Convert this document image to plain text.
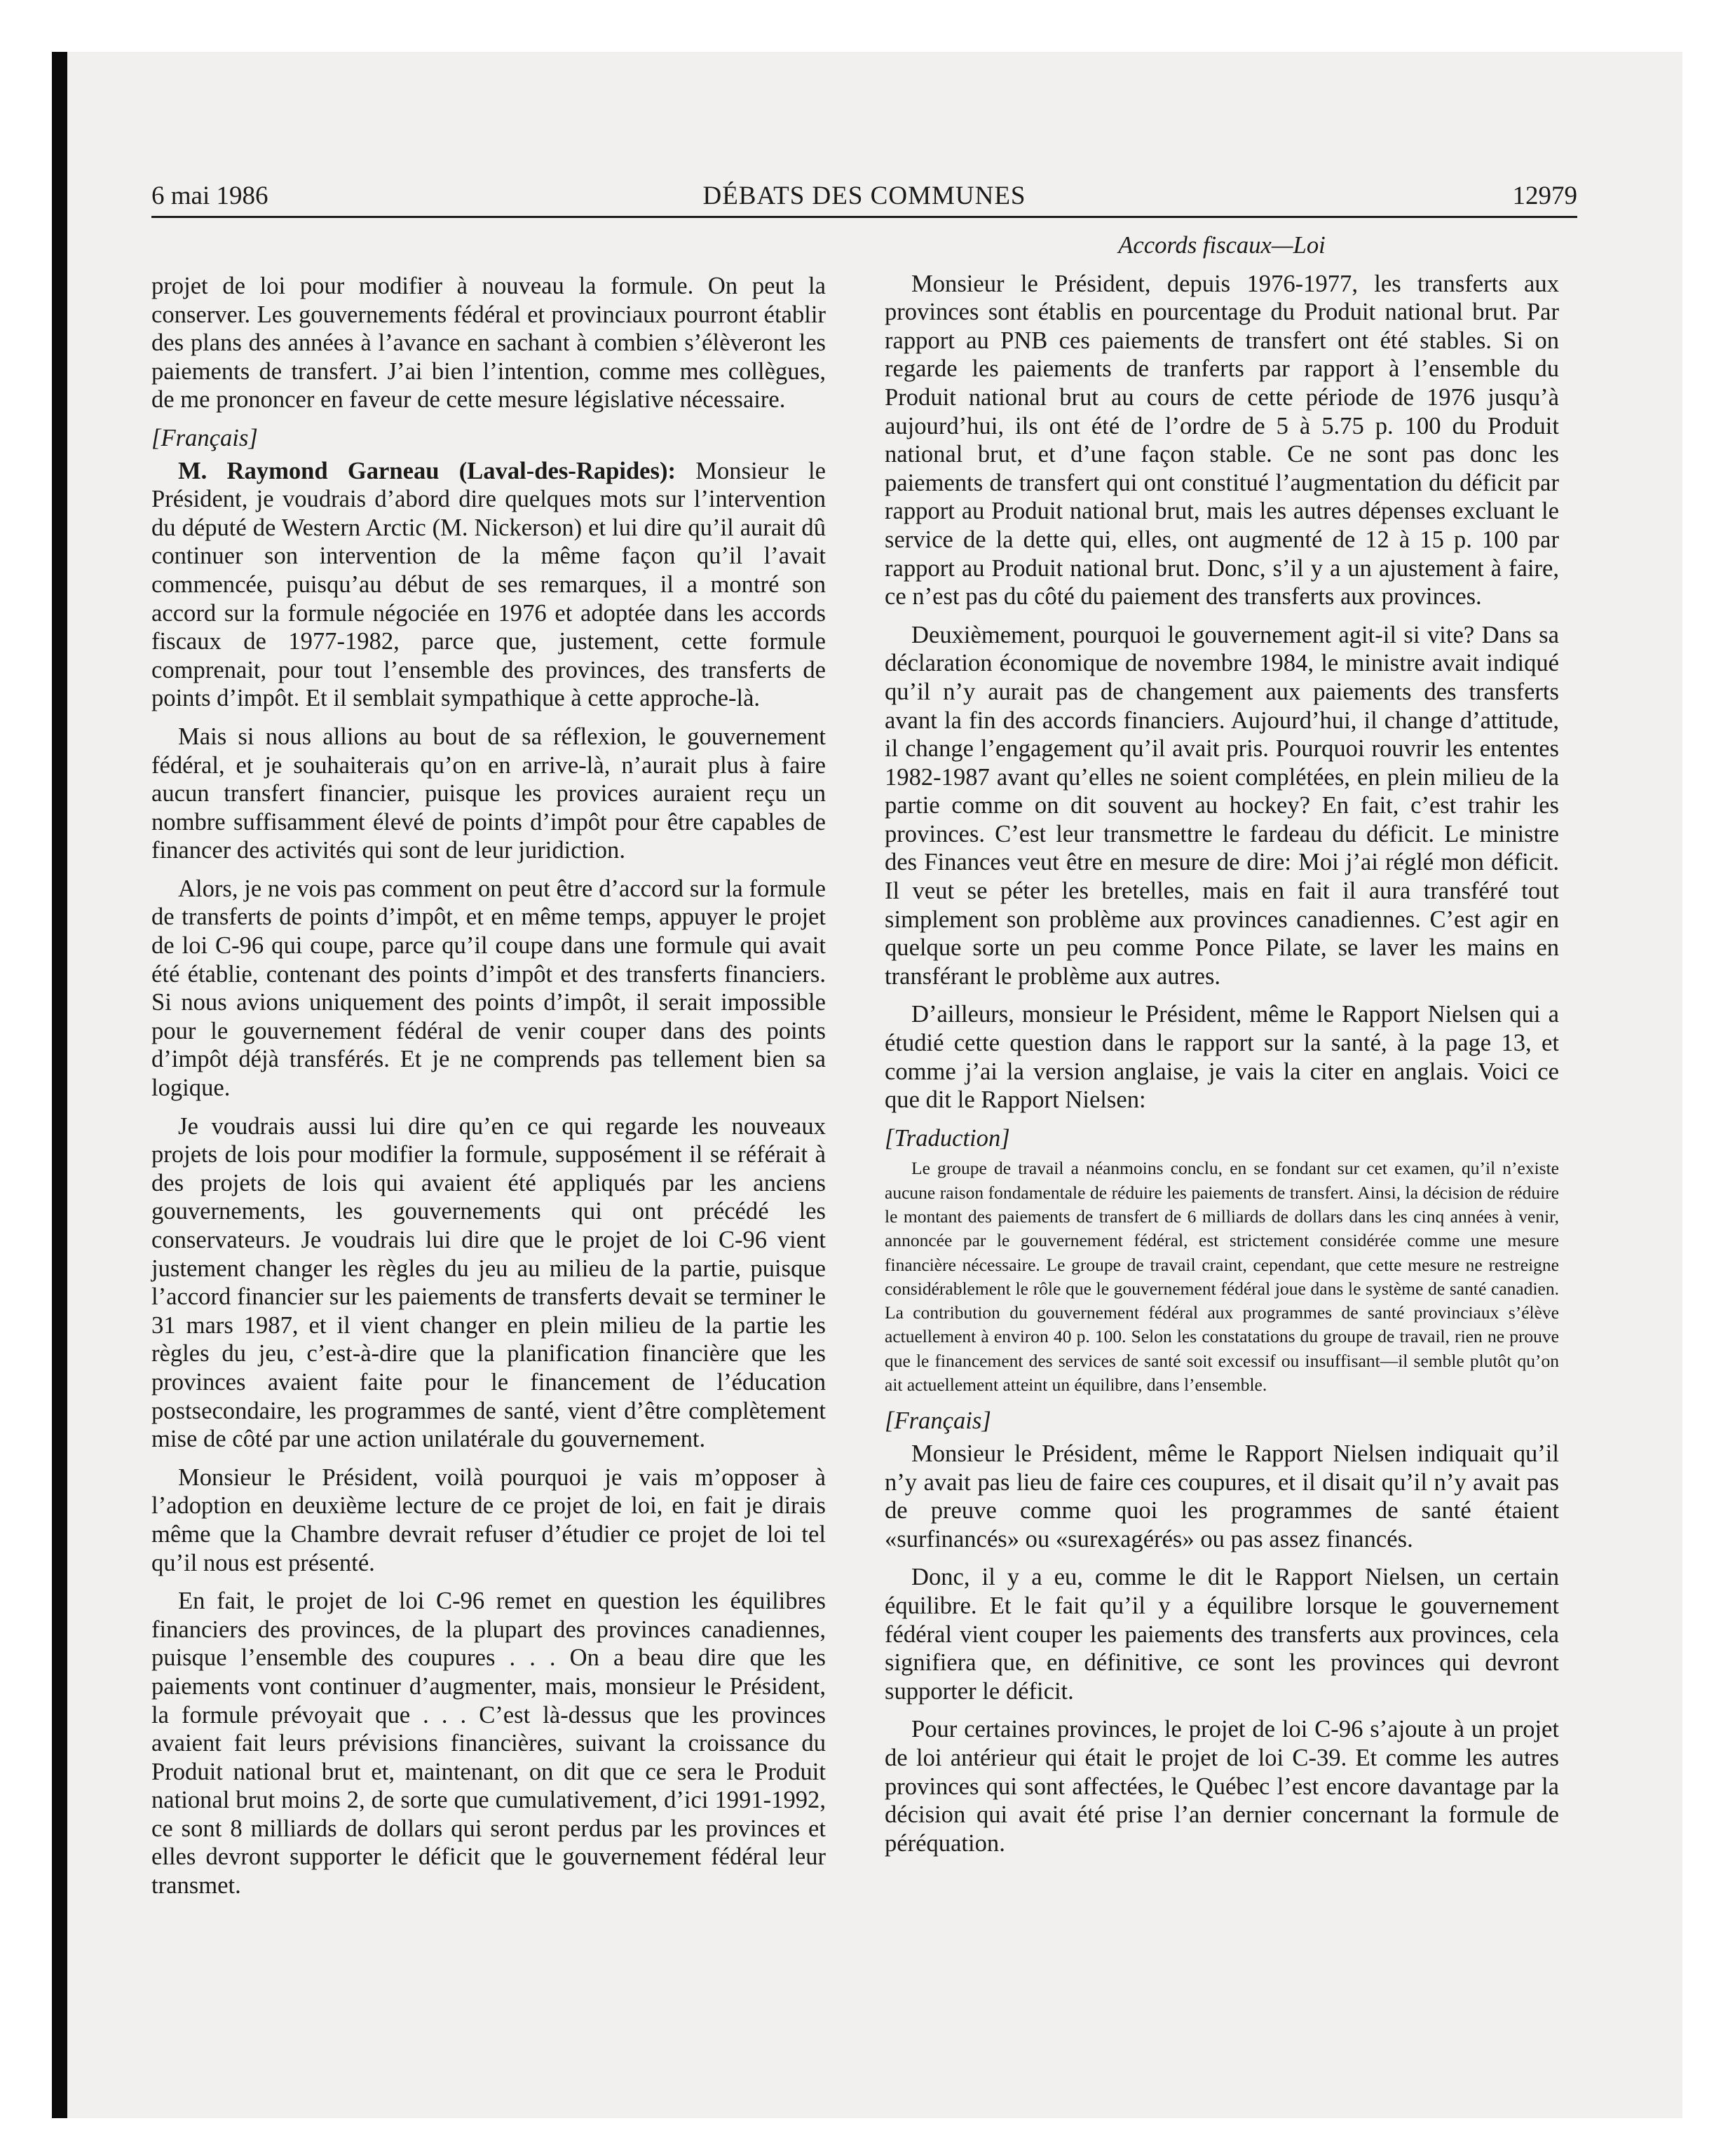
6 mai 1986	DÉBATS DES COMMUNES	12979

projet de loi pour modifier à nouveau la formule. On peut la conserver. Les gouvernements fédéral et provinciaux pourront établir des plans des années à l’avance en sachant à combien s’élèveront les paiements de transfert. J’ai bien l’intention, comme mes collègues, de me prononcer en faveur de cette mesure législative nécessaire.

[Français]

M. Raymond Garneau (Laval-des-Rapides): Monsieur le Président, je voudrais d’abord dire quelques mots sur l’intervention du député de Western Arctic (M. Nickerson) et lui dire qu’il aurait dû continuer son intervention de la même façon qu’il l’avait commencée, puisqu’au début de ses remarques, il a montré son accord sur la formule négociée en 1976 et adoptée dans les accords fiscaux de 1977-1982, parce que, justement, cette formule comprenait, pour tout l’ensemble des provinces, des transferts de points d’impôt. Et il semblait sympathique à cette approche-là.

Mais si nous allions au bout de sa réflexion, le gouvernement fédéral, et je souhaiterais qu’on en arrive-là, n’aurait plus à faire aucun transfert financier, puisque les provices auraient reçu un nombre suffisamment élevé de points d’impôt pour être capables de financer des activités qui sont de leur juridiction.

Alors, je ne vois pas comment on peut être d’accord sur la formule de transferts de points d’impôt, et en même temps, appuyer le projet de loi C-96 qui coupe, parce qu’il coupe dans une formule qui avait été établie, contenant des points d’impôt et des transferts financiers. Si nous avions uniquement des points d’impôt, il serait impossible pour le gouvernement fédéral de venir couper dans des points d’impôt déjà transférés. Et je ne comprends pas tellement bien sa logique.

Je voudrais aussi lui dire qu’en ce qui regarde les nouveaux projets de lois pour modifier la formule, supposément il se référait à des projets de lois qui avaient été appliqués par les anciens gouvernements, les gouvernements qui ont précédé les conservateurs. Je voudrais lui dire que le projet de loi C-96 vient justement changer les règles du jeu au milieu de la partie, puisque l’accord financier sur les paiements de transferts devait se terminer le 31 mars 1987, et il vient changer en plein milieu de la partie les règles du jeu, c’est-à-dire que la planification financière que les provinces avaient faite pour le financement de l’éducation postsecondaire, les programmes de santé, vient d’être complètement mise de côté par une action unilatérale du gouvernement.

Monsieur le Président, voilà pourquoi je vais m’opposer à l’adoption en deuxième lecture de ce projet de loi, en fait je dirais même que la Chambre devrait refuser d’étudier ce projet de loi tel qu’il nous est présenté.

En fait, le projet de loi C-96 remet en question les équilibres financiers des provinces, de la plupart des provinces canadiennes, puisque l’ensemble des coupures . . . On a beau dire que les paiements vont continuer d’augmenter, mais, monsieur le Président, la formule prévoyait que . . . C’est là-dessus que les provinces avaient fait leurs prévisions financières, suivant la croissance du Produit national brut et, maintenant, on dit que ce sera le Produit national brut moins 2, de sorte que cumulativement, d’ici 1991-1992, ce sont 8 milliards de dollars qui seront perdus par les provinces et elles devront supporter le déficit que le gouvernement fédéral leur transmet.

Accords fiscaux—Loi

Monsieur le Président, depuis 1976-1977, les transferts aux provinces sont établis en pourcentage du Produit national brut. Par rapport au PNB ces paiements de transfert ont été stables. Si on regarde les paiements de tranferts par rapport à l’ensemble du Produit national brut au cours de cette période de 1976 jusqu’à aujourd’hui, ils ont été de l’ordre de 5 à 5.75 p. 100 du Produit national brut, et d’une façon stable. Ce ne sont pas donc les paiements de transfert qui ont constitué l’augmentation du déficit par rapport au Produit national brut, mais les autres dépenses excluant le service de la dette qui, elles, ont augmenté de 12 à 15 p. 100 par rapport au Produit national brut. Donc, s’il y a un ajustement à faire, ce n’est pas du côté du paiement des transferts aux provinces.

Deuxièmement, pourquoi le gouvernement agit-il si vite? Dans sa déclaration économique de novembre 1984, le ministre avait indiqué qu’il n’y aurait pas de changement aux paiements des transferts avant la fin des accords financiers. Aujourd’hui, il change d’attitude, il change l’engagement qu’il avait pris. Pourquoi rouvrir les ententes 1982-1987 avant qu’elles ne soient complétées, en plein milieu de la partie comme on dit souvent au hockey? En fait, c’est trahir les provinces. C’est leur transmettre le fardeau du déficit. Le ministre des Finances veut être en mesure de dire: Moi j’ai réglé mon déficit. Il veut se péter les bretelles, mais en fait il aura transféré tout simplement son problème aux provinces canadiennes. C’est agir en quelque sorte un peu comme Ponce Pilate, se laver les mains en transférant le problème aux autres.

D’ailleurs, monsieur le Président, même le Rapport Nielsen qui a étudié cette question dans le rapport sur la santé, à la page 13, et comme j’ai la version anglaise, je vais la citer en anglais. Voici ce que dit le Rapport Nielsen:

[Traduction]

Le groupe de travail a néanmoins conclu, en se fondant sur cet examen, qu’il n’existe aucune raison fondamentale de réduire les paiements de transfert. Ainsi, la décision de réduire le montant des paiements de transfert de 6 milliards de dollars dans les cinq années à venir, annoncée par le gouvernement fédéral, est strictement considérée comme une mesure financière nécessaire. Le groupe de travail craint, cependant, que cette mesure ne restreigne considérablement le rôle que le gouvernement fédéral joue dans le système de santé canadien. La contribution du gouvernement fédéral aux programmes de santé provinciaux s’élève actuellement à environ 40 p. 100. Selon les constatations du groupe de travail, rien ne prouve que le financement des services de santé soit excessif ou insuffisant—il semble plutôt qu’on ait actuellement atteint un équilibre, dans l’ensemble.

[Français]

Monsieur le Président, même le Rapport Nielsen indiquait qu’il n’y avait pas lieu de faire ces coupures, et il disait qu’il n’y avait pas de preuve comme quoi les programmes de santé étaient «surfinancés» ou «surexagérés» ou pas assez financés.

Donc, il y a eu, comme le dit le Rapport Nielsen, un certain équilibre. Et le fait qu’il y a équilibre lorsque le gouvernement fédéral vient couper les paiements des transferts aux provinces, cela signifiera que, en définitive, ce sont les provinces qui devront supporter le déficit.

Pour certaines provinces, le projet de loi C-96 s’ajoute à un projet de loi antérieur qui était le projet de loi C-39. Et comme les autres provinces qui sont affectées, le Québec l’est encore davantage par la décision qui avait été prise l’an dernier concernant la formule de péréquation.
